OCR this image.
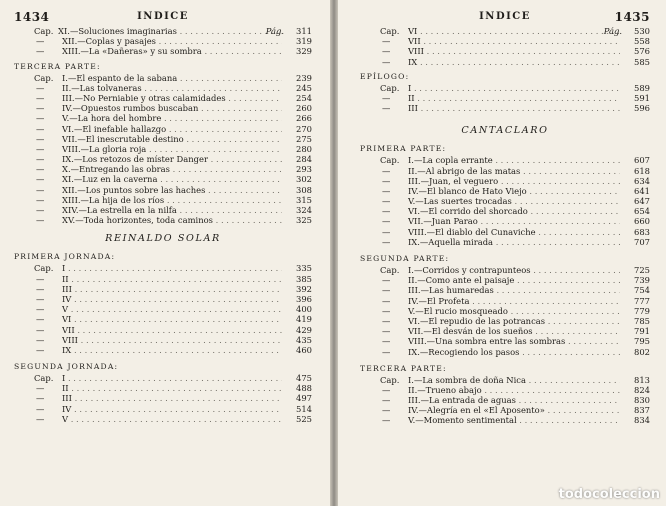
1434	INDICE
Cap. XI.—Soluciones imaginarias . . .	Pág.	311
—	XII.—Coplas y pasajes . . .	319
—	XIII.—La «Dañeras» y su sombra . . .	329
TERCERA PARTE:
Cap. I.—El espanto de la sabana . . .	239
—	II.—Las tolvaneras . . .	245
—	III.—No Perniabie y otras calamidades . . .	254
—	IV.—Opuestos rumbos buscaban . . .	260
—	V.—La hora del hombre . . .	266
—	VI.—El inefable hallazgo . . .	270
—	VII.—El inescrutable destino . . .	275
—	VIII.—La gloria roja . . .	280
—	IX.—Los retozos de míster Danger . . .	284
—	X.—Entregando las obras . . .	293
—	XI.—Luz en la caverna . . .	302
—	XII.—Los puntos sobre las haches . . .	308
—	XIII.—La hija de los ríos . . .	315
—	XIV.—La estrella en la nilfa . . .	324
—	XV.—Toda horizontes, toda caminos . . .	325
REINALDO SOLAR
PRIMERA JORNADA:
Cap. I . . .	335
—	II . . .	385
—	III . . .	392
—	IV . . .	396
—	V . . .	400
—	VI . . .	419
—	VII . . .	429
—	VIII . . .	435
—	IX . . .	460
SEGUNDA JORNADA:
Cap. I . . .	475
—	II . . .	488
—	III . . .	497
—	IV . . .	514
—	V . . .	525
INDICE	1435
Cap. VI . . .	Pág.	530
—	VII . . .	558
—	VIII . . .	576
—	IX . . .	585
EPÍLOGO:
Cap. I . . .	589
—	II . . .	591
—	III . . .	596
CANTACLARO
PRIMERA PARTE:
Cap. I.—La copla errante . . .	607
—	II.—Al abrigo de las matas . . .	618
—	III.—Juan, el veguero . . .	634
—	IV.—El blanco de Hato Viejo . . .	641
—	V.—Las suertes trocadas . . .	647
—	VI.—El corrido del shorcado . . .	654
—	VII.—Juan Parao . . .	660
—	VIII.—El diablo del Cunaviche . . .	683
—	IX.—Aquella mirada . . .	707
SEGUNDA PARTE:
Cap. I.—Corridos y contrapunteos . . .	725
—	II.—Como ante el paisaje . . .	739
—	III.—Las humaredas . . .	754
—	IV.—El Profeta . . .	777
—	V.—El rucio mosqueado . . .	779
—	VI.—El repudio de las potrancas . . .	785
—	VII.—El desván de los sueños . . .	791
—	VIII.—Una sombra entre las sombras . . .	795
—	IX.—Recogiendo los pasos . . .	802
TERCERA PARTE:
Cap. I.—La sombra de doña Nica . . .	813
—	II.—Trueno abajo . . .	824
—	III.—La entrada de aguas . . .	830
—	IV.—Alegría en el «El Aposento» . . .	837
—	V.—Momento sentimental . . .	834
todocoleccion
